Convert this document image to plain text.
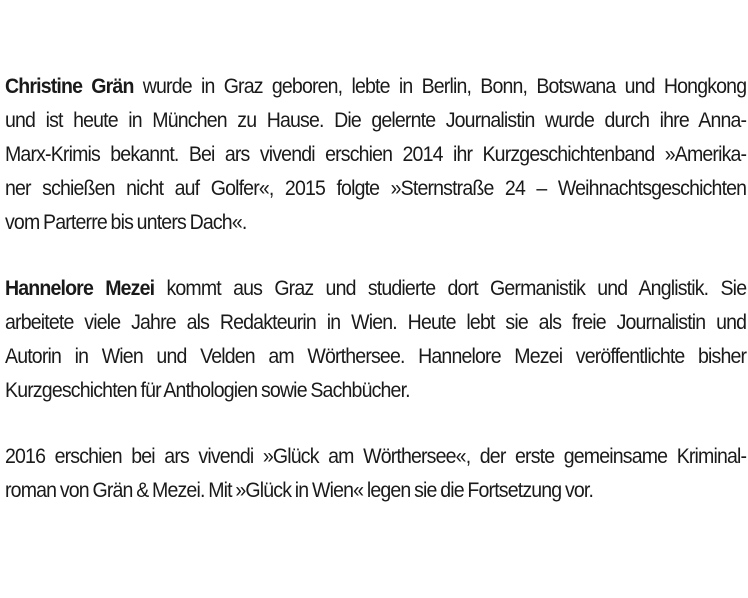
Christine Grän wurde in Graz geboren, lebte in Berlin, Bonn, Botswana und Hongkong
und ist heute in München zu Hause. Die gelernte Journalistin wurde durch ihre Anna-
Marx-Krimis bekannt. Bei ars vivendi erschien 2014 ihr Kurzgeschichtenband »Amerika-
ner schießen nicht auf Golfer«, 2015 folgte »Sternstraße 24 – Weihnachtsgeschichten
vom Parterre bis unters Dach«.
Hannelore Mezei kommt aus Graz und studierte dort Germanistik und Anglistik. Sie
arbeitete viele Jahre als Redakteurin in Wien. Heute lebt sie als freie Journalistin und
Autorin in Wien und Velden am Wörthersee. Hannelore Mezei veröffentlichte bisher
Kurzgeschichten für Anthologien sowie Sachbücher.
2016 erschien bei ars vivendi »Glück am Wörthersee«, der erste gemeinsame Kriminal-
roman von Grän & Mezei. Mit »Glück in Wien« legen sie die Fortsetzung vor.
